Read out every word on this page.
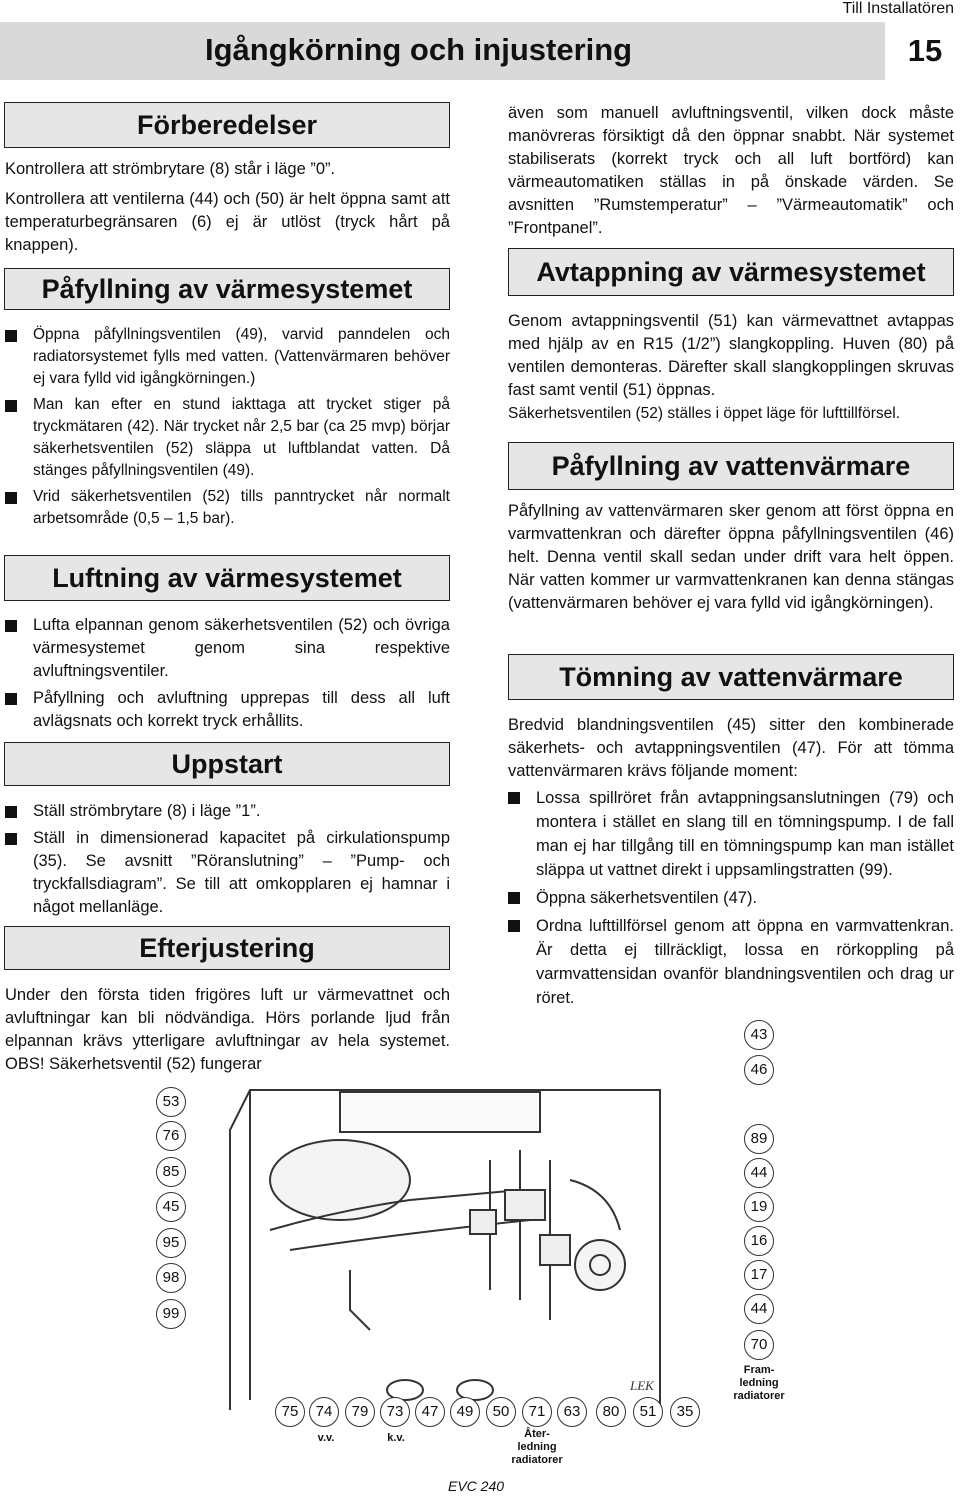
Till Installatören
Igångkörning och injustering	15
Förberedelser
Kontrollera att strömbrytare (8) står i läge ”0”.
Kontrollera att ventilerna (44) och (50) är helt öppna samt att temperaturbegränsaren (6) ej är utlöst (tryck hårt på knappen).
Påfyllning av värmesystemet
Öppna påfyllningsventilen (49), varvid panndelen och radiatorsystemet fylls med vatten. (Vattenvärmaren behöver ej vara fylld vid igångkörningen.)
Man kan efter en stund iakttaga att trycket stiger på tryckmätaren (42). När trycket når 2,5 bar (ca 25 mvp) börjar säkerhetsventilen (52) släppa ut luftblandat vatten. Då stänges påfyllningsventilen (49).
Vrid säkerhetsventilen (52) tills panntrycket når normalt arbetsområde (0,5 – 1,5 bar).
Luftning av värmesystemet
Lufta elpannan genom säkerhetsventilen (52) och övriga värmesystemet genom sina respektive avluftningsventiler.
Påfyllning och avluftning upprepas till dess all luft avlägsnats och korrekt tryck erhållits.
Uppstart
Ställ strömbrytare (8) i läge ”1”.
Ställ in dimensionerad kapacitet på cirkulationspump (35). Se avsnitt ”Röranslutning” – ”Pump- och tryckfallsdiagram”. Se till att omkopplaren ej hamnar i något mellanläge.
Efterjustering
Under den första tiden frigöres luft ur värmevattnet och avluftningar kan bli nödvändiga. Hörs porlande ljud från elpannan krävs ytterligare avluftningar av hela systemet. OBS! Säkerhetsventil (52) fungerar
även som manuell avluftningsventil, vilken dock måste manövreras försiktigt då den öppnar snabbt. När systemet stabiliserats (korrekt tryck och all luft bortförd) kan värmeautomatiken ställas in på önskade värden. Se avsnitten ”Rumstemperatur” – ”Värmeautomatik” och ”Frontpanel”.
Avtappning av värmesystemet
Genom avtappningsventil (51) kan värmevattnet avtappas med hjälp av en R15 (1/2”) slangkoppling. Huven (80) på ventilen demonteras. Därefter skall slangkopplingen skruvas fast samt ventil (51) öppnas.
Säkerhetsventilen (52) ställes i öppet läge för lufttillförsel.
Påfyllning av vattenvärmare
Påfyllning av vattenvärmaren sker genom att först öppna en varmvattenkran och därefter öppna påfyllningsventilen (46) helt. Denna ventil skall sedan under drift vara helt öppen. När vatten kommer ur varmvattenkranen kan denna stängas (vattenvärmaren behöver ej vara fylld vid igångkörningen).
Tömning av vattenvärmare
Bredvid blandningsventilen (45) sitter den kombinerade säkerhets- och avtappningsventilen (47). För att tömma vattenvärmaren krävs följande moment:
Lossa spillröret från avtappningsanslutningen (79) och montera i stället en slang till en tömningspump. I de fall man ej har tillgång till en tömningspump kan man istället släppa ut vattnet direkt i uppsamlingstratten (99).
Öppna säkerhetsventilen (47).
Ordna lufttillförsel genom att öppna en varmvattenkran. Är detta ej tillräckligt, lossa en rörkoppling på varmvattensidan ovanför blandningsventilen och drag ur röret.
LEK
53
76
85
45
95
98
99
43
46
89
44
19
16
17
44
70
75	74	79	73	47	49	50	71	63	80	51	35
v.v.	k.v.	Åter-
ledning
radiatorer
Fram-
ledning
radiatorer
EVC 240
